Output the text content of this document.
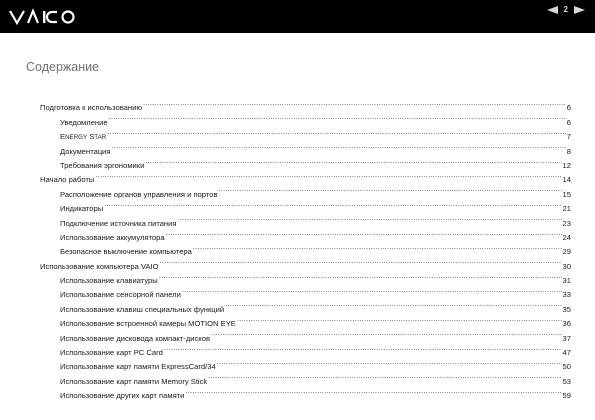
2
Содержание
Подготовка к использованию .....	6
Уведомление .....	6
ENERGY STAR .....	7
Документация .....	8
Требования эргономики .....	12
Начало работы .....	14
Расположение органов управления и портов .....	15
Индикаторы .....	21
Подключение источника питания .....	23
Использование аккумулятора .....	24
Безопасное выключение компьютера .....	29
Использование компьютера VAIO .....	30
Использование клавиатуры .....	31
Использование сенсорной панели .....	33
Использование клавиш специальных функций .....	35
Использование встроенной камеры MOTION EYE .....	36
Использование дисковода компакт-дисков .....	37
Использование карт PC Card .....	47
Использование карт памяти ExpressCard/34 .....	50
Использование карт памяти Memory Stick .....	53
Использование других карт памяти .....	59
